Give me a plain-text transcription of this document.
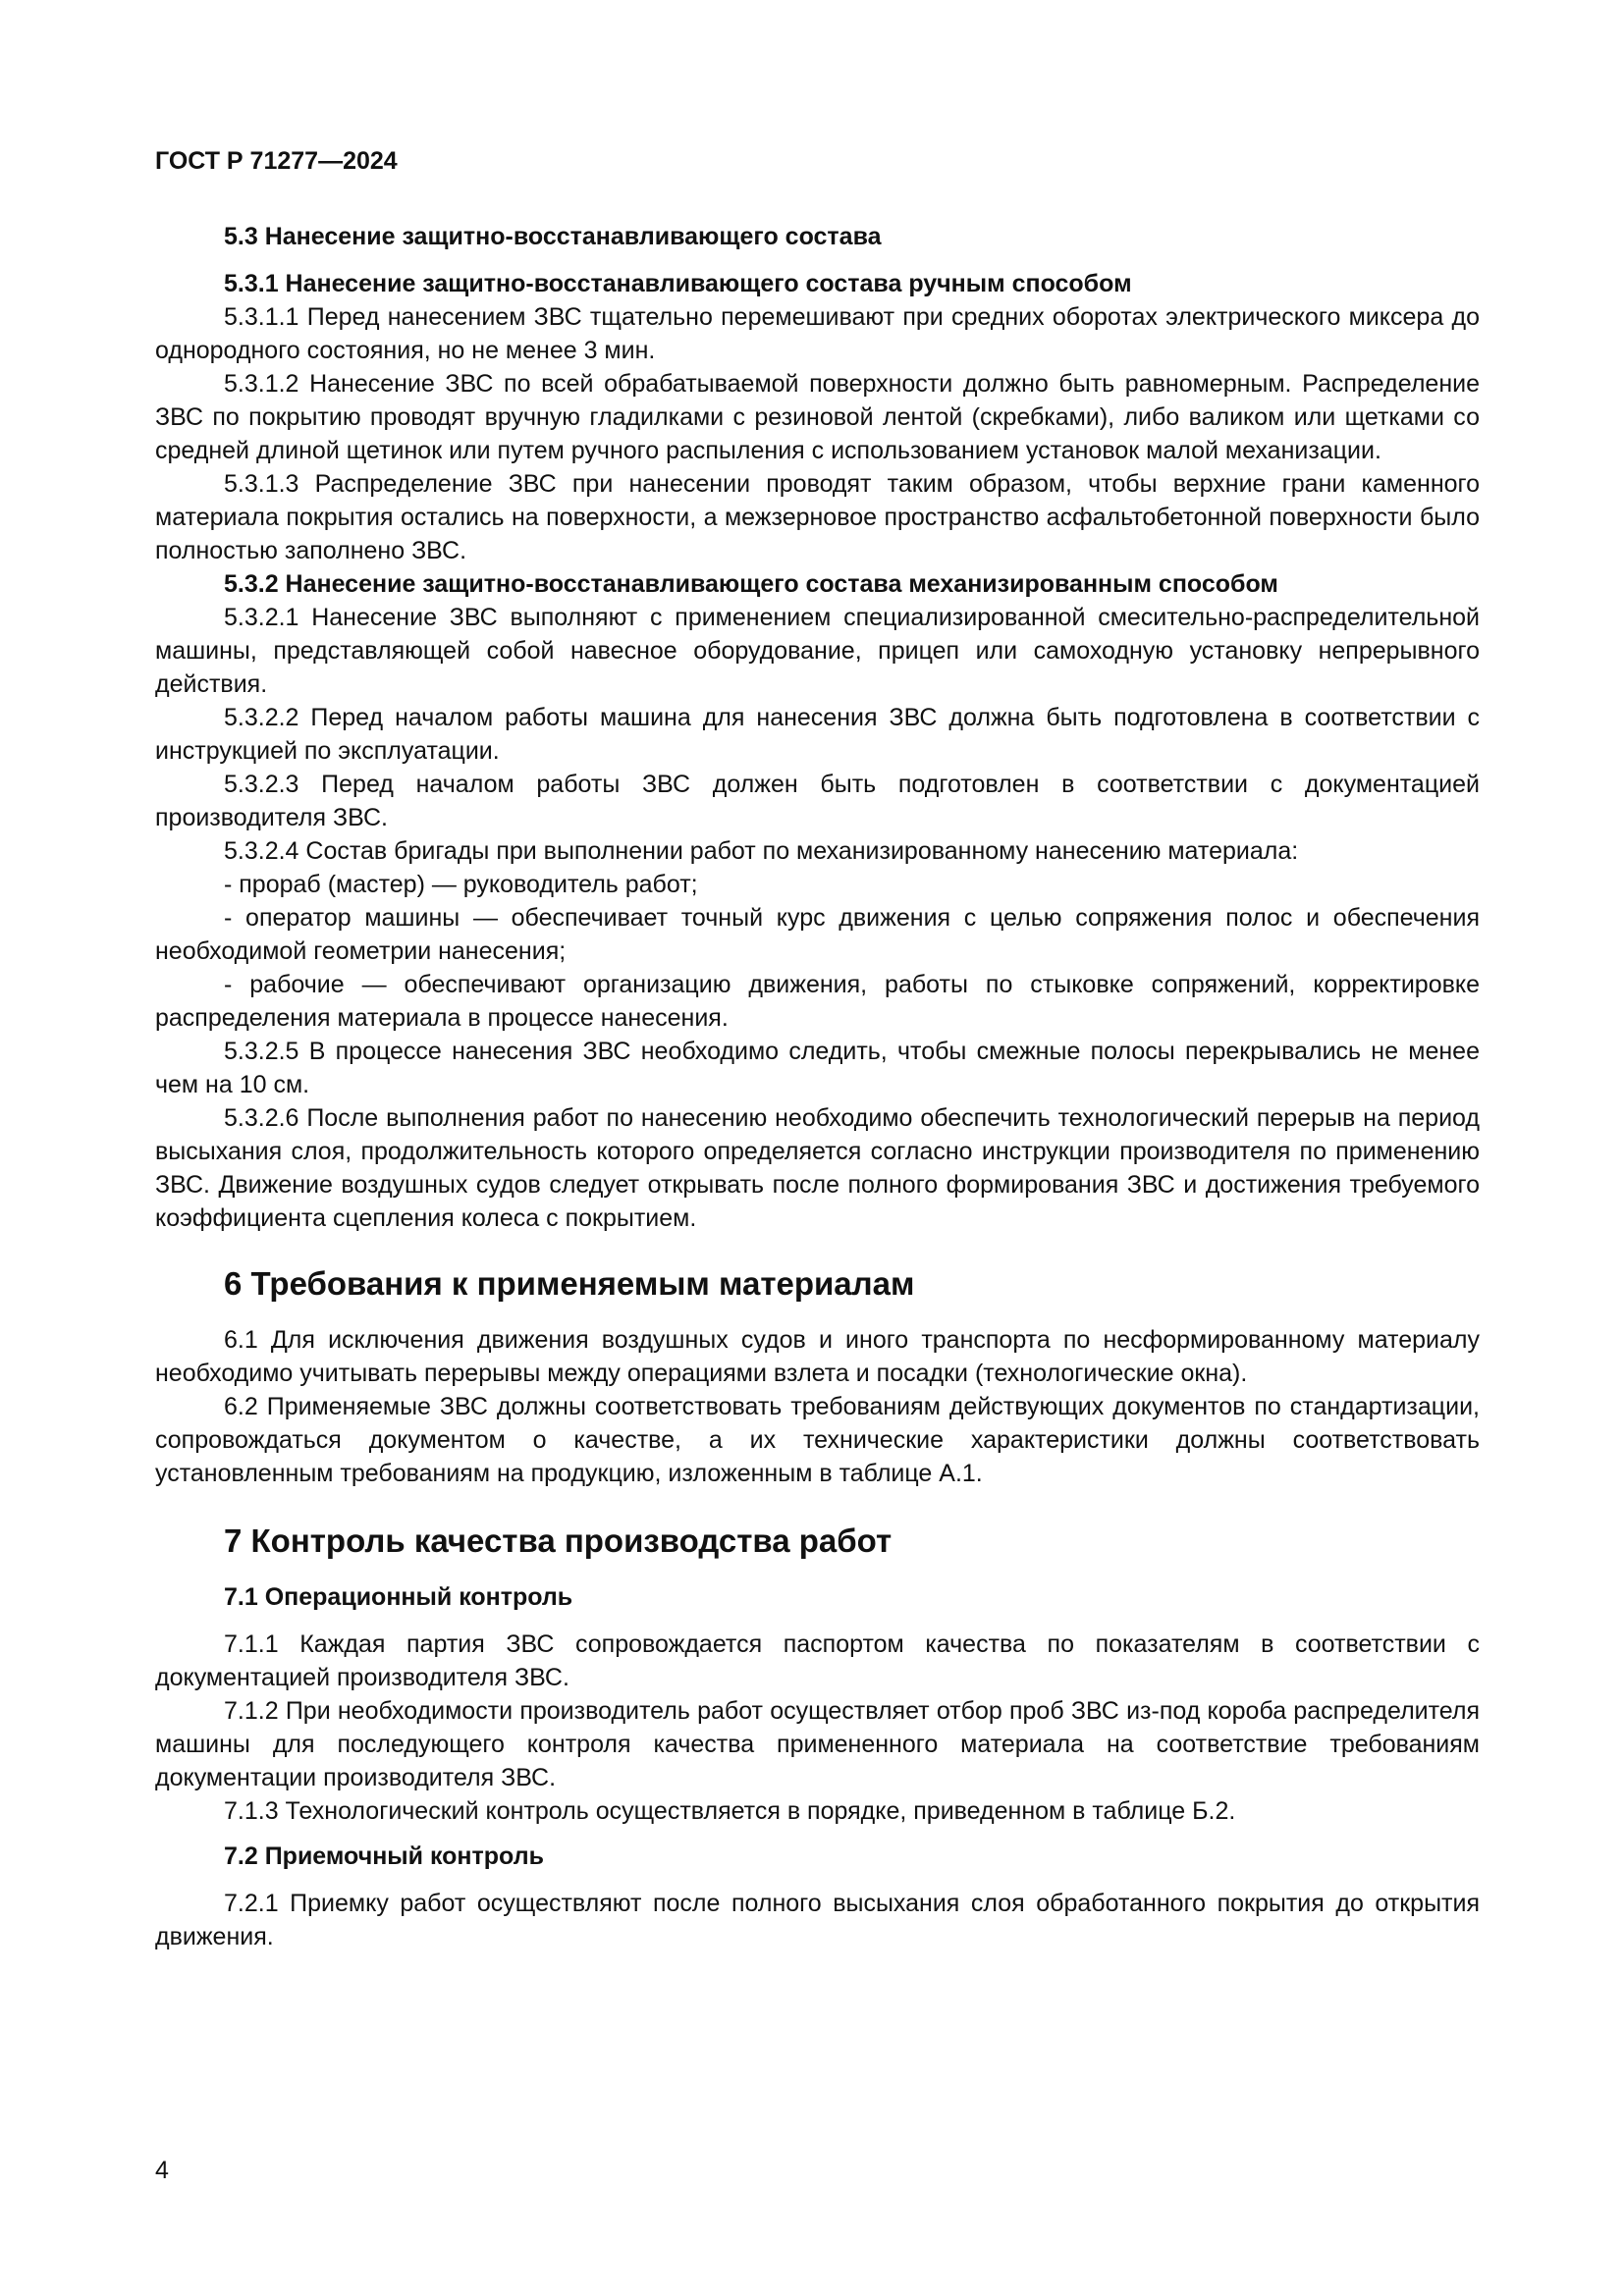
ГОСТ Р 71277—2024

5.3 Нанесение защитно-восстанавливающего состава

5.3.1 Нанесение защитно-восстанавливающего состава ручным способом

5.3.1.1 Перед нанесением ЗВС тщательно перемешивают при средних оборотах электрического миксера до однородного состояния, но не менее 3 мин.

5.3.1.2 Нанесение ЗВС по всей обрабатываемой поверхности должно быть равномерным. Распределение ЗВС по покрытию проводят вручную гладилками с резиновой лентой (скребками), либо валиком или щетками со средней длиной щетинок или путем ручного распыления с использованием установок малой механизации.

5.3.1.3 Распределение ЗВС при нанесении проводят таким образом, чтобы верхние грани каменного материала покрытия остались на поверхности, а межзерновое пространство асфальтобетонной поверхности было полностью заполнено ЗВС.

5.3.2 Нанесение защитно-восстанавливающего состава механизированным способом

5.3.2.1 Нанесение ЗВС выполняют с применением специализированной смесительно-распределительной машины, представляющей собой навесное оборудование, прицеп или самоходную установку непрерывного действия.

5.3.2.2 Перед началом работы машина для нанесения ЗВС должна быть подготовлена в соответствии с инструкцией по эксплуатации.

5.3.2.3 Перед началом работы ЗВС должен быть подготовлен в соответствии с документацией производителя ЗВС.

5.3.2.4 Состав бригады при выполнении работ по механизированному нанесению материала:

- прораб (мастер) — руководитель работ;

- оператор машины — обеспечивает точный курс движения с целью сопряжения полос и обеспечения необходимой геометрии нанесения;

- рабочие — обеспечивают организацию движения, работы по стыковке сопряжений, корректировке распределения материала в процессе нанесения.

5.3.2.5 В процессе нанесения ЗВС необходимо следить, чтобы смежные полосы перекрывались не менее чем на 10 см.

5.3.2.6 После выполнения работ по нанесению необходимо обеспечить технологический перерыв на период высыхания слоя, продолжительность которого определяется согласно инструкции производителя по применению ЗВС. Движение воздушных судов следует открывать после полного формирования ЗВС и достижения требуемого коэффициента сцепления колеса с покрытием.

6 Требования к применяемым материалам

6.1 Для исключения движения воздушных судов и иного транспорта по несформированному материалу необходимо учитывать перерывы между операциями взлета и посадки (технологические окна).

6.2 Применяемые ЗВС должны соответствовать требованиям действующих документов по стандартизации, сопровождаться документом о качестве, а их технические характеристики должны соответствовать установленным требованиям на продукцию, изложенным в таблице А.1.

7 Контроль качества производства работ

7.1 Операционный контроль

7.1.1 Каждая партия ЗВС сопровождается паспортом качества по показателям в соответствии с документацией производителя ЗВС.

7.1.2 При необходимости производитель работ осуществляет отбор проб ЗВС из-под короба распределителя машины для последующего контроля качества примененного материала на соответствие требованиям документации производителя ЗВС.

7.1.3 Технологический контроль осуществляется в порядке, приведенном в таблице Б.2.

7.2 Приемочный контроль

7.2.1 Приемку работ осуществляют после полного высыхания слоя обработанного покрытия до открытия движения.

4
